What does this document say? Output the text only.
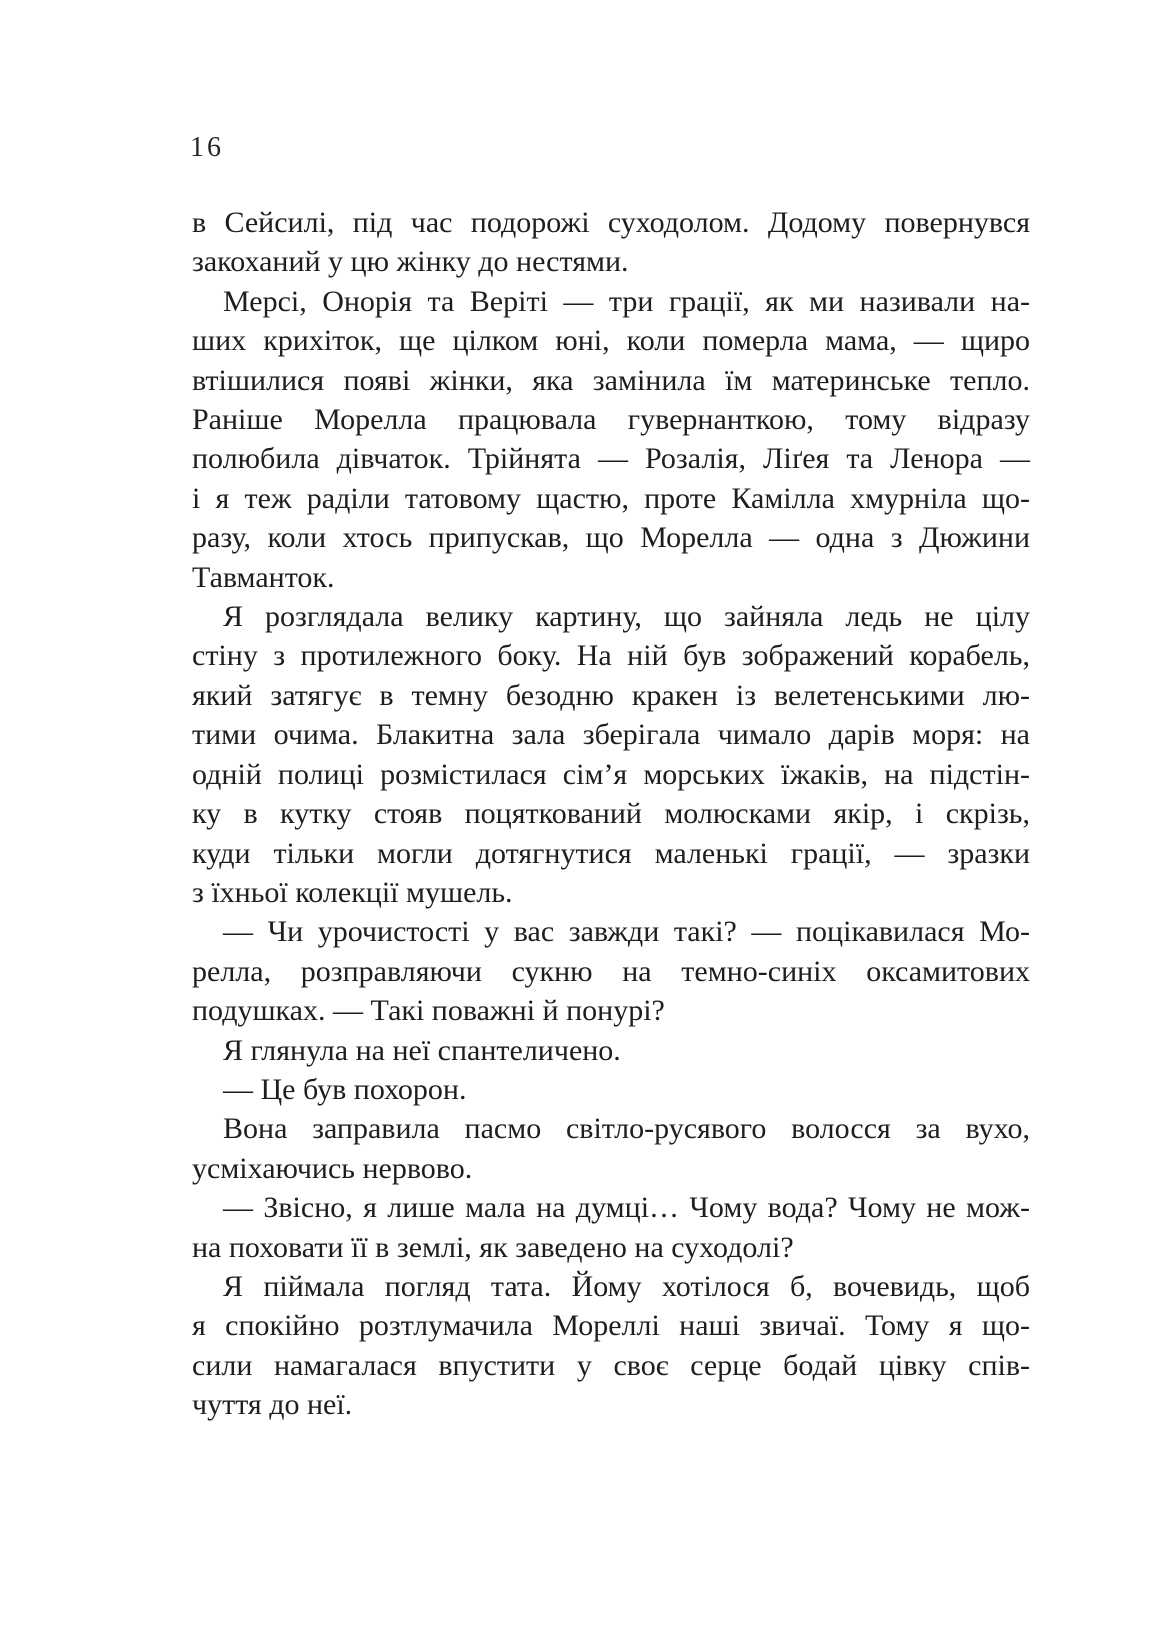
16
в Сейсилі, під час подорожі суходолом. Додому повернувся
закоханий у цю жінку до нестями.
Мерсі, Онорія та Веріті — три грації, як ми називали на-
ших крихіток, ще цілком юні, коли померла мама, — щиро
втішилися появі жінки, яка замінила їм материнське тепло.
Раніше Морелла працювала гувернанткою, тому відразу
полюбила дівчаток. Трійнята — Розалія, Ліґея та Ленора —
і я теж раділи татовому щастю, проте Камілла хмурніла що-
разу, коли хтось припускав, що Морелла — одна з Дюжини
Тавманток.
Я розглядала велику картину, що зайняла ледь не цілу
стіну з протилежного боку. На ній був зображений корабель,
який затягує в темну безодню кракен із велетенськими лю-
тими очима. Блакитна зала зберігала чимало дарів моря: на
одній полиці розмістилася сім’я морських їжаків, на підстін-
ку в кутку стояв поцяткований молюсками якір, і скрізь,
куди тільки могли дотягнутися маленькі грації, — зразки
з їхньої колекції мушель.
— Чи урочистості у вас завжди такі? — поцікавилася Мо-
релла, розправляючи сукню на темно-синіх оксамитових
подушках. — Такі поважні й понурі?
Я глянула на неї спантеличено.
— Це був похорон.
Вона заправила пасмо світло-русявого волосся за вухо,
усміхаючись нервово.
— Звісно, я лише мала на думці… Чому вода? Чому не мож-
на поховати її в землі, як заведено на суходолі?
Я піймала погляд тата. Йому хотілося б, вочевидь, щоб
я спокійно розтлумачила Мореллі наші звичаї. Тому я що-
сили намагалася впустити у своє серце бодай цівку спів-
чуття до неї.
